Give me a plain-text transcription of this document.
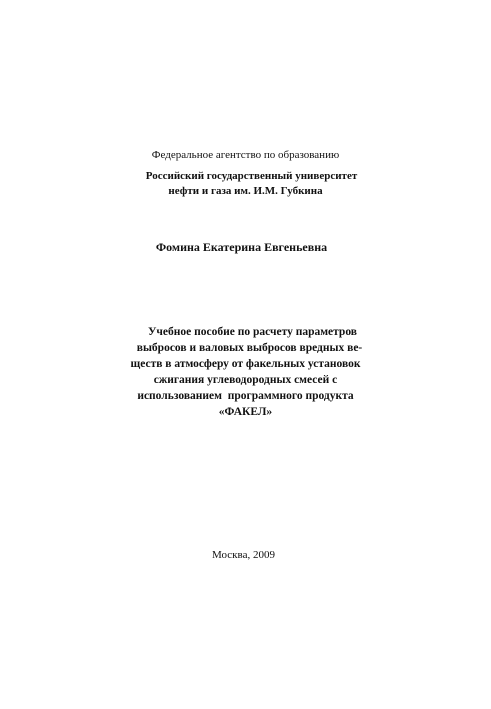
Федеральное агентство по образованию
Российский государственный университет
нефти и газа им. И.М. Губкина
Фомина Екатерина Евгеньевна
Учебное пособие по расчету параметров
выбросов и валовых выбросов вредных ве-
ществ в атмосферу от факельных установок
сжигания углеводородных смесей с
использованием  программного продукта
«ФАКЕЛ»
Москва, 2009
